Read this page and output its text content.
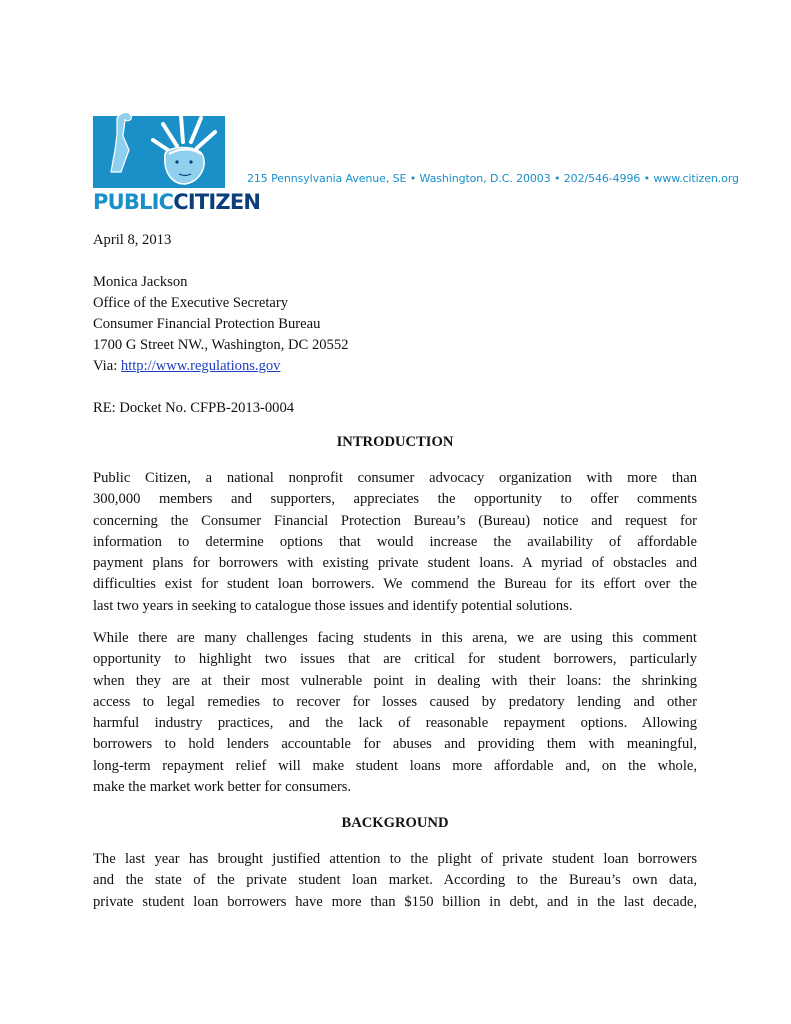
PUBLICCITIZEN
215 Pennsylvania Avenue, SE • Washington, D.C. 20003 • 202/546-4996 • www.citizen.org
April 8, 2013
Monica Jackson
Office of the Executive Secretary
Consumer Financial Protection Bureau
1700 G Street NW., Washington, DC 20552
Via: http://www.regulations.gov
RE: Docket No. CFPB-2013-0004
INTRODUCTION
Public Citizen, a national nonprofit consumer advocacy organization with more than
300,000 members and supporters, appreciates the opportunity to offer comments
concerning the Consumer Financial Protection Bureau’s (Bureau) notice and request for
information to determine options that would increase the availability of affordable
payment plans for borrowers with existing private student loans. A myriad of obstacles and
difficulties exist for student loan borrowers. We commend the Bureau for its effort over the
last two years in seeking to catalogue those issues and identify potential solutions.
While there are many challenges facing students in this arena, we are using this comment
opportunity to highlight two issues that are critical for student borrowers, particularly
when they are at their most vulnerable point in dealing with their loans: the shrinking
access to legal remedies to recover for losses caused by predatory lending and other
harmful industry practices, and the lack of reasonable repayment options. Allowing
borrowers to hold lenders accountable for abuses and providing them with meaningful,
long-term repayment relief will make student loans more affordable and, on the whole,
make the market work better for consumers.
BACKGROUND
The last year has brought justified attention to the plight of private student loan borrowers
and the state of the private student loan market. According to the Bureau’s own data,
private student loan borrowers have more than $150 billion in debt, and in the last decade,
